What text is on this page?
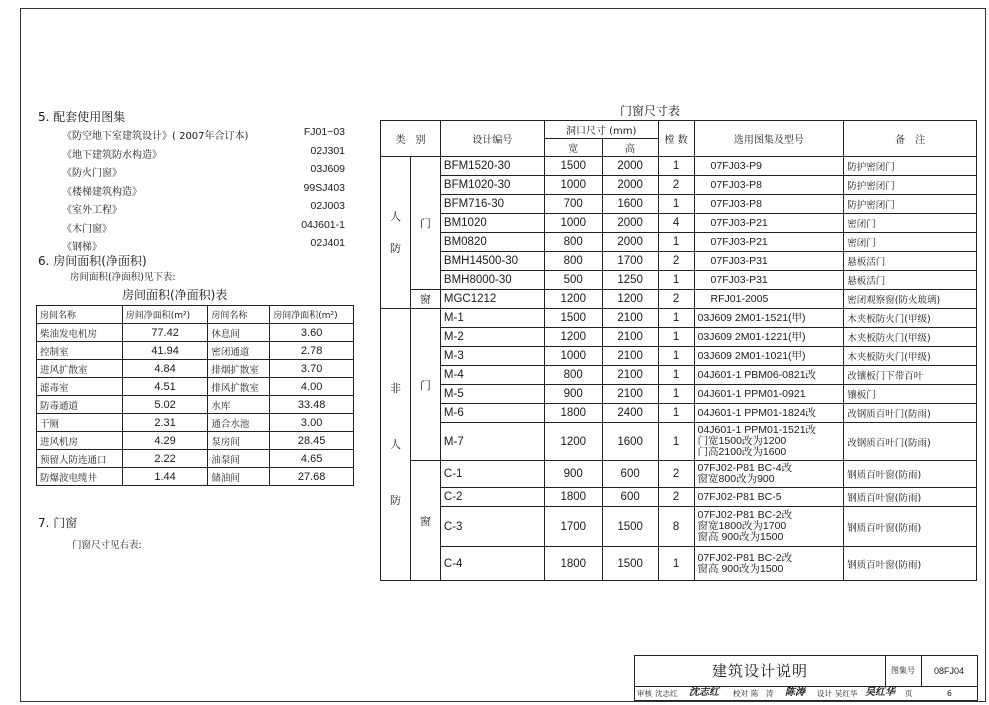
5. 配套使用图集
《防空地下室建筑设计》( 2007年合订本)	FJ01~03
《地下建筑防水构造》	02J301
《防火门窗》	03J609
《楼梯建筑构造》	99SJ403
《室外工程》	02J003
《木门窗》	04J601-1
《钢梯》	02J401
6. 房间面积(净面积)
房间面积(净面积)见下表:
房间面积(净面积)表
房间名称	房间净面积(m²)	房间名称	房间净面积(m²)
柴油发电机房	77.42	休息间	3.60
控制室	41.94	密闭通道	2.78
进风扩散室	4.84	排烟扩散室	3.70
滤毒室	4.51	排风扩散室	4.00
防毒通道	5.02	水库	33.48
干厕	2.31	通合水池	3.00
进风机房	4.29	泵房间	28.45
预留人防连通口	2.22	油泵间	4.65
防爆波电缆井	1.44	储油间	27.68
7. 门窗
门窗尺寸见右表:
门窗尺寸表
类　别		设计编号	洞口尺寸 (mm)		樘 数	选用图集及型号	备　注
			宽	高			
人
防	门	BFM1520-30	1500	2000	1	07FJ03-P9	防护密闭门
		BFM1020-30	1000	2000	2	07FJ03-P8	防护密闭门
		BFM716-30	700	1600	1	07FJ03-P8	防护密闭门
		BM1020	1000	2000	4	07FJ03-P21	密闭门
		BM0820	800	2000	1	07FJ03-P21	密闭门
		BMH14500-30	800	1700	2	07FJ03-P31	悬板活门
		BMH8000-30	500	1250	1	07FJ03-P31	悬板活门
	窗	MGC1212	1200	1200	2	RFJ01-2005	密闭观察窗(防火玻璃)
非
人
防	门	M-1	1500	2100	1	03J609 2M01-1521(甲)	木夹板防火门(甲级)
		M-2	1200	2100	1	03J609 2M01-1221(甲)	木夹板防火门(甲级)
		M-3	1000	2100	1	03J609 2M01-1021(甲)	木夹板防火门(甲级)
		M-4	800	2100	1	04J601-1 PBM06-0821改	改镶板门下带百叶
		M-5	900	2100	1	04J601-1 PPM01-0921	镶板门
		M-6	1800	2400	1	04J601-1 PPM01-1824改	改钢质百叶门(防雨)
		M-7	1200	1600	1	04J601-1 PPM01-1521改
门宽1500改为1200
门高2100改为1600	改钢质百叶门(防雨)
	窗	C-1	900	600	2	07FJ02-P81 BC-4改
窗宽800改为900	钢质百叶窗(防雨)
		C-2	1800	600	2	07FJ02-P81 BC-5	钢质百叶窗(防雨)
		C-3	1700	1500	8	07FJ02-P81 BC-2改
窗宽1800改为1700
窗高 900改为1500	钢质百叶窗(防雨)
		C-4	1800	1500	1	07FJ02-P81 BC-2改
窗高 900改为1500	钢质百叶窗(防雨)
建筑设计说明	图集号	08FJ04
审核 沈志红 沈志红 校对 陈　涛 陈涛 设计 吴红华 吴红华 页	6
